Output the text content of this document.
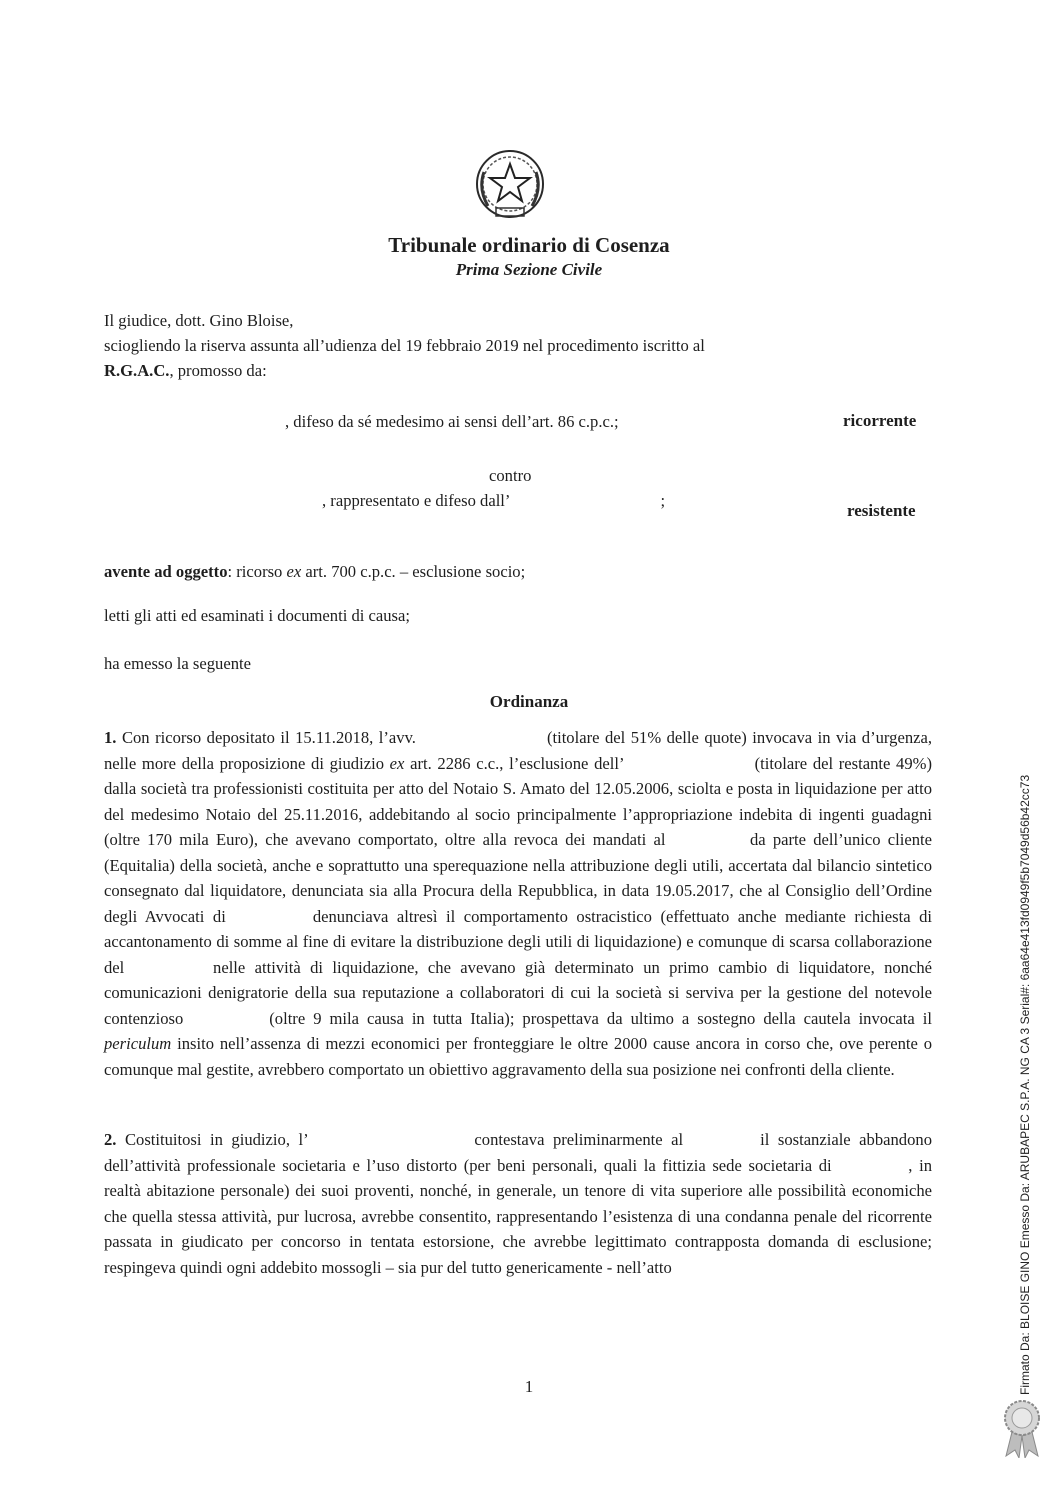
Tribunale ordinario di Cosenza
Prima Sezione Civile
Il giudice, dott. Gino Bloise,
sciogliendo la riserva assunta all’udienza del 19 febbraio 2019 nel procedimento iscritto al
R.G.A.C., promosso da:
, difeso da sé medesimo ai sensi dell’art. 86 c.p.c.;	ricorrente
contro
, rappresentato e difeso dall’	;
resistente
avente ad oggetto: ricorso ex art. 700 c.p.c. – esclusione socio;
letti gli atti ed esaminati i documenti di causa;
ha emesso la seguente
Ordinanza
1. Con ricorso depositato il 15.11.2018, l’avv.	(titolare del 51% delle quote) invocava in via d’urgenza, nelle more della proposizione di giudizio ex art. 2286 c.c., l’esclusione dell’	(titolare del restante 49%) dalla società tra professionisti costituita per atto del Notaio S. Amato del 12.05.2006, sciolta e posta in liquidazione per atto del medesimo Notaio del 25.11.2016, addebitando al socio principalmente l’appropriazione indebita di ingenti guadagni (oltre 170 mila Euro), che avevano comportato, oltre alla revoca dei mandati al	da parte dell’unico cliente (Equitalia) della società, anche e soprattutto una sperequazione nella attribuzione degli utili, accertata dal bilancio sintetico consegnato dal liquidatore, denunciata sia alla Procura della Repubblica, in data 19.05.2017, che al Consiglio dell’Ordine degli Avvocati di	denunciava altresì il comportamento ostracistico (effettuato anche mediante richiesta di accantonamento di somme al fine di evitare la distribuzione degli utili di liquidazione) e comunque di scarsa collaborazione del	nelle attività di liquidazione, che avevano già determinato un primo cambio di liquidatore, nonché comunicazioni denigratorie della sua reputazione a collaboratori di cui la società si serviva per la gestione del notevole contenzioso	(oltre 9 mila causa in tutta Italia); prospettava da ultimo a sostegno della cautela invocata il periculum insito nell’assenza di mezzi economici per fronteggiare le oltre 2000 cause ancora in corso che, ove perente o comunque mal gestite, avrebbero comportato un obiettivo aggravamento della sua posizione nei confronti della cliente.
2. Costituitosi in giudizio, l’	contestava preliminarmente al	il sostanziale abbandono dell’attività professionale societaria e l’uso distorto (per beni personali, quali la fittizia sede societaria di	, in realtà abitazione personale) dei suoi proventi, nonché, in generale, un tenore di vita superiore alle possibilità economiche che quella stessa attività, pur lucrosa, avrebbe consentito, rappresentando l’esistenza di una condanna penale del ricorrente passata in giudicato per concorso in tentata estorsione, che avrebbe legittimato contrapposta domanda di esclusione; respingeva quindi ogni addebito mossogli – sia pur del tutto genericamente - nell’atto
1	Firmato Da: BLOISE GINO Emesso Da: ARUBAPEC S.P.A. NG CA 3 Serial#: 6aa64e413fd0949f5b7049d56b42cc73
